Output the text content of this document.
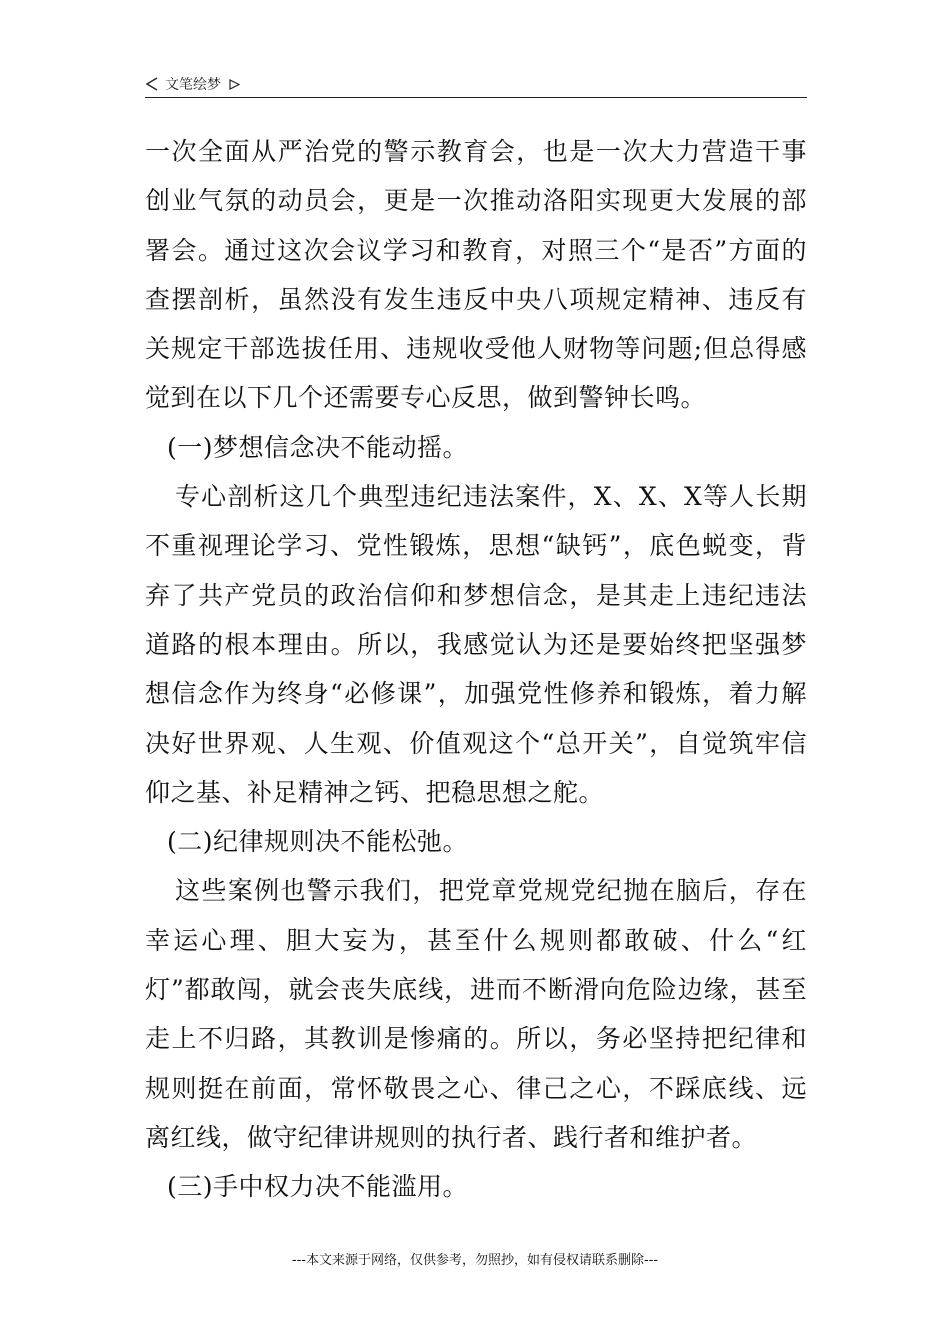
文笔绘梦

一次全面从严治党的警示教育会，也是一次大力营造干事创业气氛的动员会，更是一次推动洛阳实现更大发展的部署会。通过这次会议学习和教育，对照三个“是否”方面的查摆剖析，虽然没有发生违反中央八项规定精神、违反有关规定干部选拔任用、违规收受他人财物等问题;但总得感觉到在以下几个还需要专心反思，做到警钟长鸣。

(一)梦想信念决不能动摇。

专心剖析这几个典型违纪违法案件，X、X、X等人长期不重视理论学习、党性锻炼，思想“缺钙”，底色蜕变，背弃了共产党员的政治信仰和梦想信念，是其走上违纪违法道路的根本理由。所以，我感觉认为还是要始终把坚强梦想信念作为终身“必修课”，加强党性修养和锻炼，着力解决好世界观、人生观、价值观这个“总开关”，自觉筑牢信仰之基、补足精神之钙、把稳思想之舵。

(二)纪律规则决不能松弛。

这些案例也警示我们，把党章党规党纪抛在脑后，存在幸运心理、胆大妄为，甚至什么规则都敢破、什么“红灯”都敢闯，就会丧失底线，进而不断滑向危险边缘，甚至走上不归路，其教训是惨痛的。所以，务必坚持把纪律和规则挺在前面，常怀敬畏之心、律己之心，不踩底线、远离红线，做守纪律讲规则的执行者、践行者和维护者。

(三)手中权力决不能滥用。

---本文来源于网络，仅供参考，勿照抄，如有侵权请联系删除---
